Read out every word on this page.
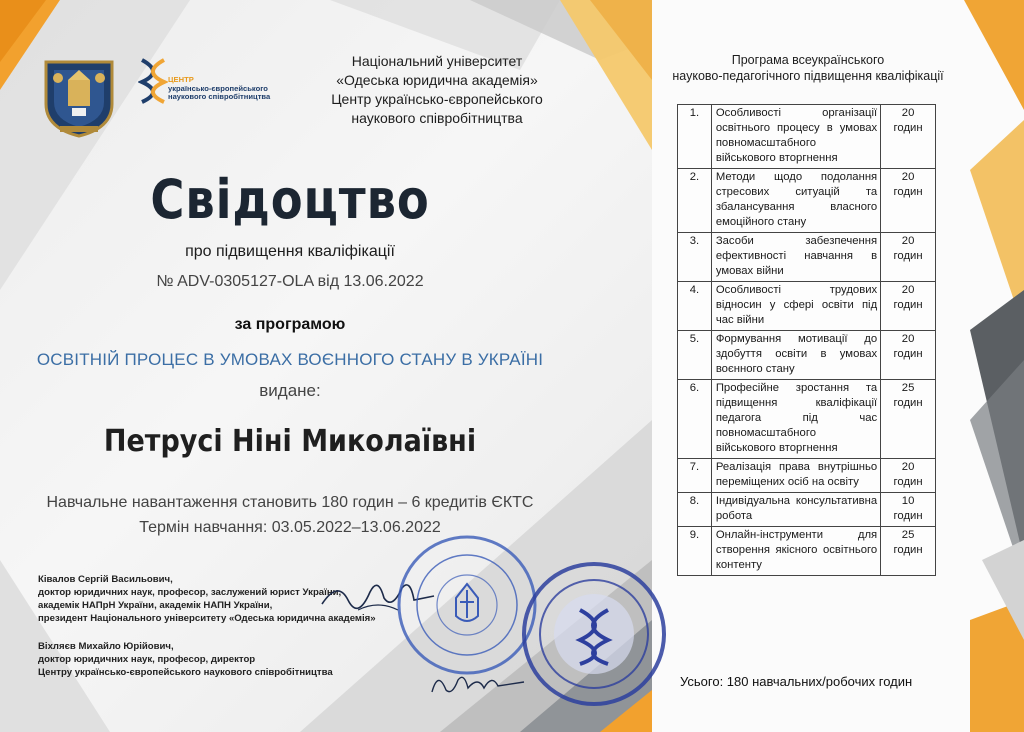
ЦЕНТР
українсько-європейського
наукового співробітництва
Національний університет
«Одеська юридична академія»
Центр українсько-європейського
наукового співробітництва
Свідоцтво
про підвищення кваліфікації
№ ADV-0305127-OLA від 13.06.2022
за програмою
ОСВІТНІЙ ПРОЦЕС В УМОВАХ ВОЄННОГО СТАНУ В УКРАЇНІ
видане:
Петрусі Ніні Миколаївні
Навчальне навантаження становить 180 годин – 6 кредитів ЄКТС
Термін навчання: 03.05.2022–13.06.2022
Ківалов Сергій Васильович,
доктор юридичних наук, професор, заслужений юрист України,
академік НАПрН України, академік НАПН України,
президент Національного університету «Одеська юридична академія»
Віхляєв Михайло Юрійович,
доктор юридичних наук, професор, директор
Центру українсько-європейського наукового співробітництва
Програма всеукраїнського
науково-педагогічного підвищення кваліфікації
1.	Особливості організації освітнього процесу в умовах повномасштабного військового вторгнення	20
годин

2.	Методи щодо подолання стресових ситуацій та збалансування власного емоційного стану	20
годин

3.	Засоби забезпечення ефективності навчання в умовах війни	20
годин

4.	Особливості трудових відносин у сфері освіти під час війни	20
годин

5.	Формування мотивації до здобуття освіти в умовах воєнного стану	20
годин

6.	Професійне зростання та підвищення кваліфікації педагога під час повномасштабного військового вторгнення	25
годин

7.	Реалізація права внутрішньо переміщених осіб на освіту	20
годин

8.	Індивідуальна консультативна робота	10
годин

9.	Онлайн-інструменти для створення якісного освітнього контенту	25
годин
Усього: 180 навчальних/робочих годин
